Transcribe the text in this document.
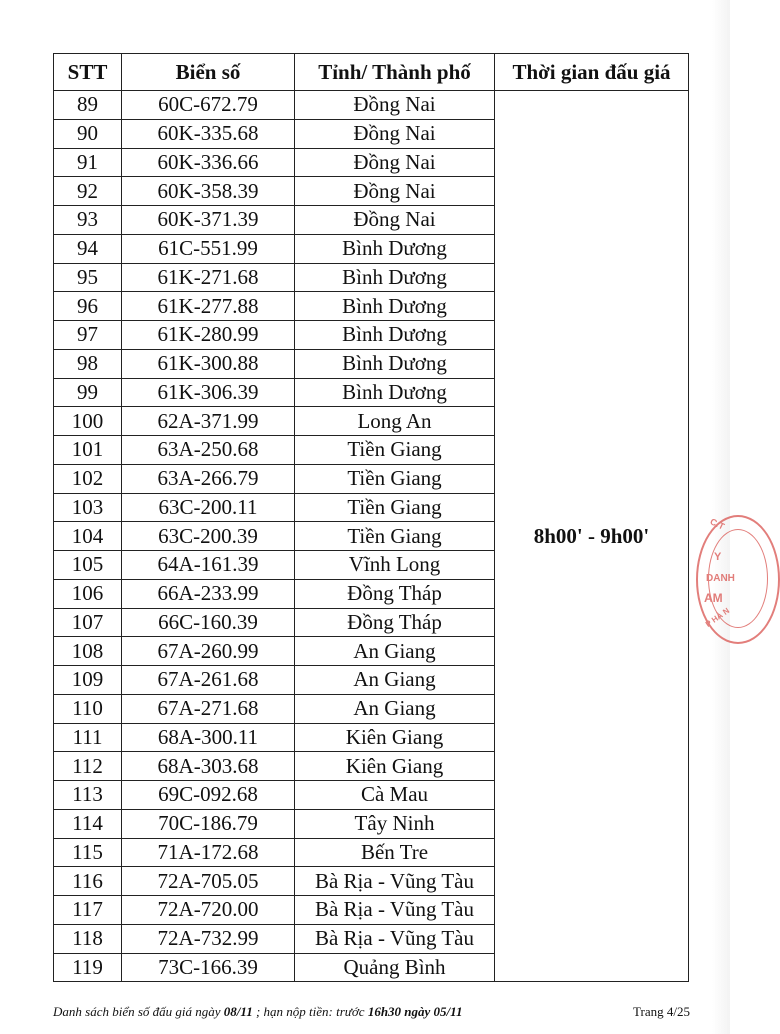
STT	Biển số	Tỉnh/ Thành phố	Thời gian đấu giá
89	60C-672.79	Đồng Nai	8h00' - 9h00'
90	60K-335.68	Đồng Nai	
91	60K-336.66	Đồng Nai	
92	60K-358.39	Đồng Nai	
93	60K-371.39	Đồng Nai	
94	61C-551.99	Bình Dương	
95	61K-271.68	Bình Dương	
96	61K-277.88	Bình Dương	
97	61K-280.99	Bình Dương	
98	61K-300.88	Bình Dương	
99	61K-306.39	Bình Dương	
100	62A-371.99	Long An	
101	63A-250.68	Tiền Giang	
102	63A-266.79	Tiền Giang	
103	63C-200.11	Tiền Giang	
104	63C-200.39	Tiền Giang	
105	64A-161.39	Vĩnh Long	
106	66A-233.99	Đồng Tháp	
107	66C-160.39	Đồng Tháp	
108	67A-260.99	An Giang	
109	67A-261.68	An Giang	
110	67A-271.68	An Giang	
111	68A-300.11	Kiên Giang	
112	68A-303.68	Kiên Giang	
113	69C-092.68	Cà Mau	
114	70C-186.79	Tây Ninh	
115	71A-172.68	Bến Tre	
116	72A-705.05	Bà Rịa - Vũng Tàu	
117	72A-720.00	Bà Rịa - Vũng Tàu	
118	72A-732.99	Bà Rịa - Vũng Tàu	
119	73C-166.39	Quảng Bình	
C.T
Y
DANH
AM
P HÀ N
Danh sách biển số đấu giá ngày 08/11 ; hạn nộp tiền: trước 16h30 ngày 05/11	Trang 4/25
